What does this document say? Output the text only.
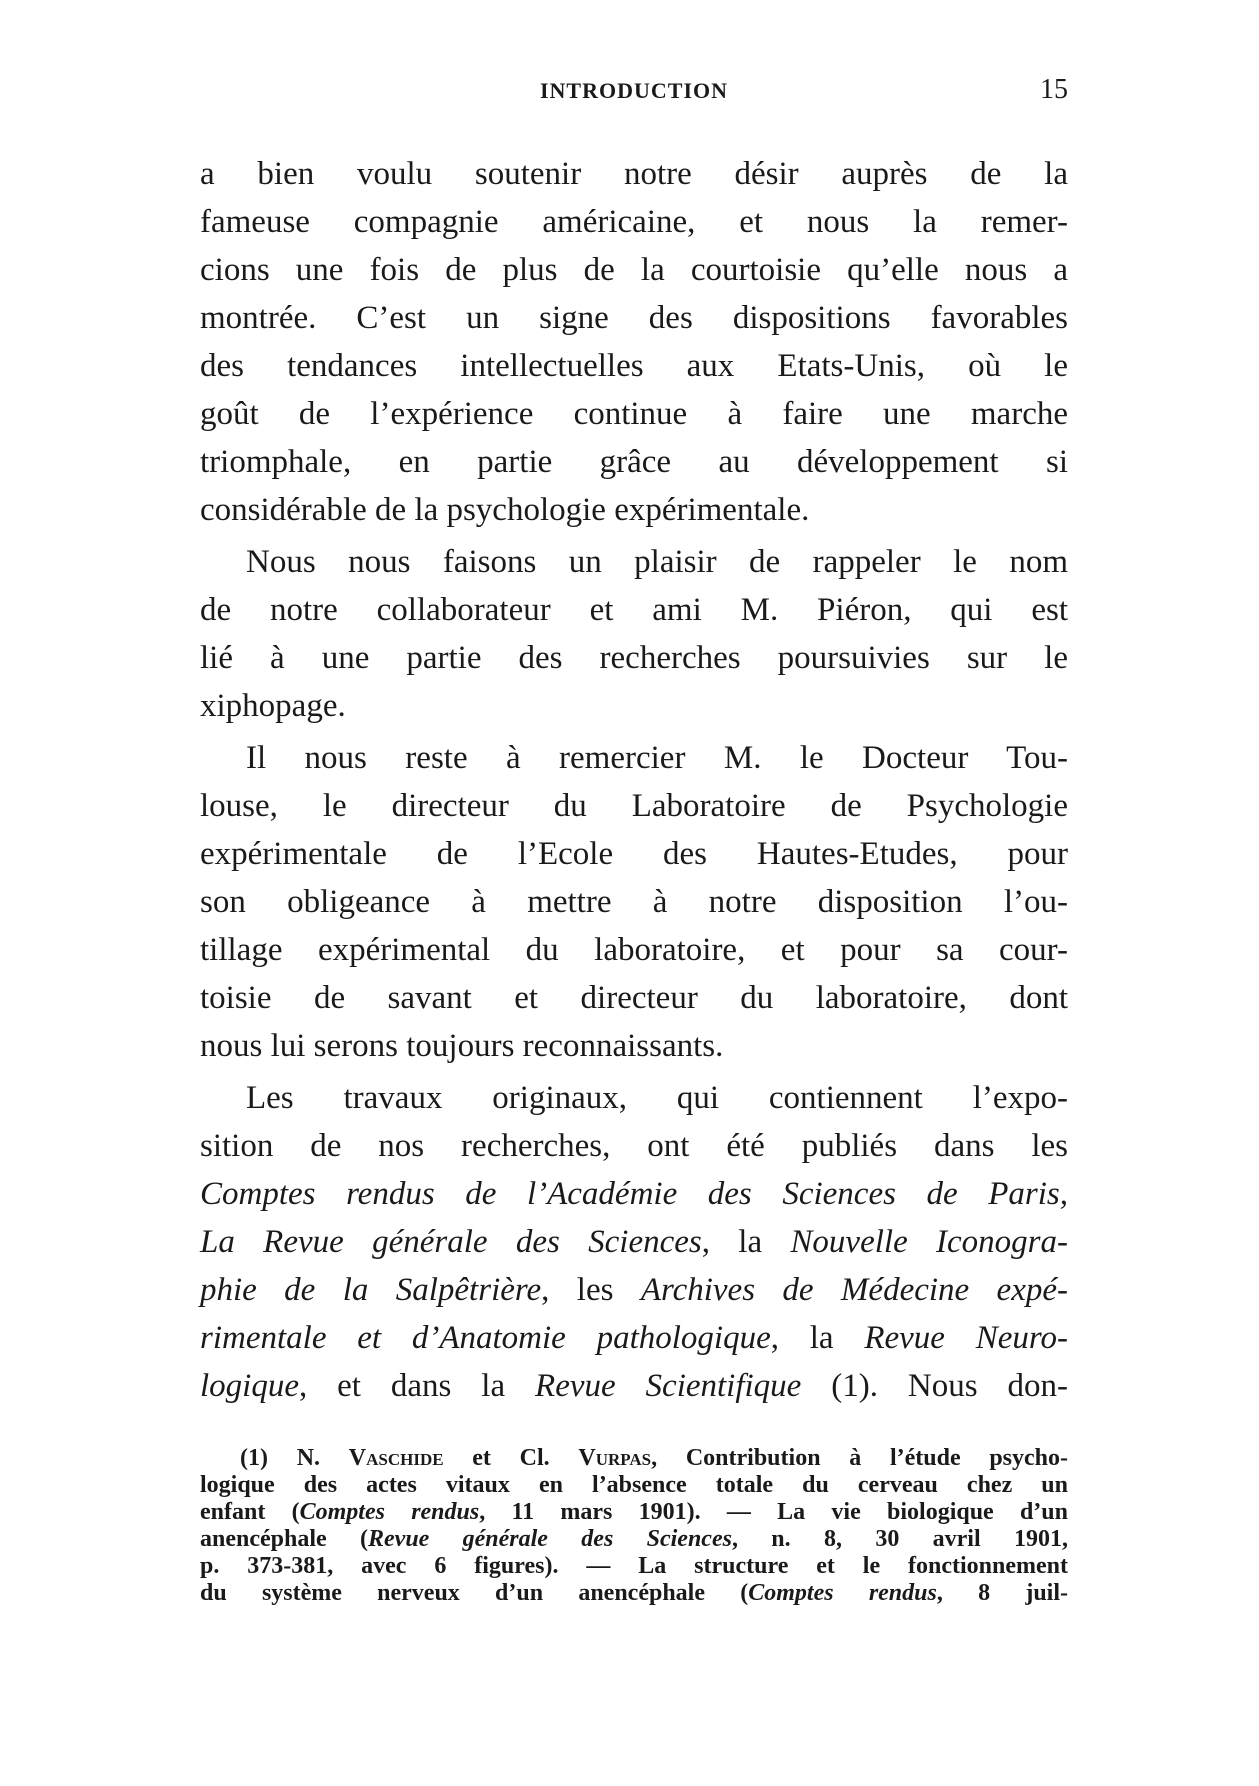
INTRODUCTION	15
a bien voulu soutenir notre désir auprès de la
fameuse compagnie américaine, et nous la remer-
cions une fois de plus de la courtoisie qu’elle nous a
montrée. C’est un signe des dispositions favorables
des tendances intellectuelles aux Etats-Unis, où le
goût de l’expérience continue à faire une marche
triomphale, en partie grâce au développement si
considérable de la psychologie expérimentale.
Nous nous faisons un plaisir de rappeler le nom
de notre collaborateur et ami M. Piéron, qui est
lié à une partie des recherches poursuivies sur le
xiphopage.
Il nous reste à remercier M. le Docteur Tou-
louse, le directeur du Laboratoire de Psychologie
expérimentale de l’Ecole des Hautes-Etudes, pour
son obligeance à mettre à notre disposition l’ou-
tillage expérimental du laboratoire, et pour sa cour-
toisie de savant et directeur du laboratoire, dont
nous lui serons toujours reconnaissants.
Les travaux originaux, qui contiennent l’expo-
sition de nos recherches, ont été publiés dans les
Comptes rendus de l’Académie des Sciences de Paris,
La Revue générale des Sciences, la Nouvelle Iconogra-
phie de la Salpêtrière, les Archives de Médecine expé-
rimentale et d’Anatomie pathologique, la Revue Neuro-
logique, et dans la Revue Scientifique (1). Nous don-
(1) N. Vaschide et Cl. Vurpas, Contribution à l’étude psycho-
logique des actes vitaux en l’absence totale du cerveau chez un
enfant (Comptes rendus, 11 mars 1901). — La vie biologique d’un
anencéphale (Revue générale des Sciences, n. 8, 30 avril 1901,
p. 373-381, avec 6 figures). — La structure et le fonctionnement
du système nerveux d’un anencéphale (Comptes rendus, 8 juil-
